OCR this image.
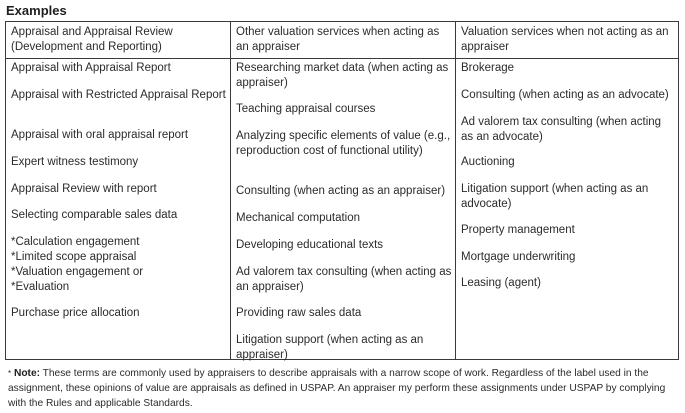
Examples
Appraisal and Appraisal Review (Development and Reporting)
Appraisal with Appraisal Report
Appraisal with Restricted Appraisal Report
Appraisal with oral appraisal report
Expert witness testimony
Appraisal Review with report
Selecting comparable sales data
*Calculation engagement
*Limited scope appraisal
*Valuation engagement or
*Evaluation
Purchase price allocation
Other valuation services when acting as an appraiser
Researching market data (when acting as appraiser)
Teaching appraisal courses
Analyzing specific elements of value (e.g., reproduction cost of functional utility)
Consulting (when acting as an appraiser)
Mechanical computation
Developing educational texts
Ad valorem tax consulting (when acting as an appraiser)
Providing raw sales data
Litigation support (when acting as an appraiser)
Valuation services when not acting as an appraiser
Brokerage
Consulting (when acting as an advocate)
Ad valorem tax consulting (when acting as an advocate)
Auctioning
Litigation support (when acting as an advocate)
Property management
Mortgage underwriting
Leasing (agent)
* Note: These terms are commonly used by appraisers to describe appraisals with a narrow scope of work. Regardless of the label used in the assignment, these opinions of value are appraisals as defined in USPAP. An appraiser my perform these assignments under USPAP by complying with the Rules and applicable Standards.
